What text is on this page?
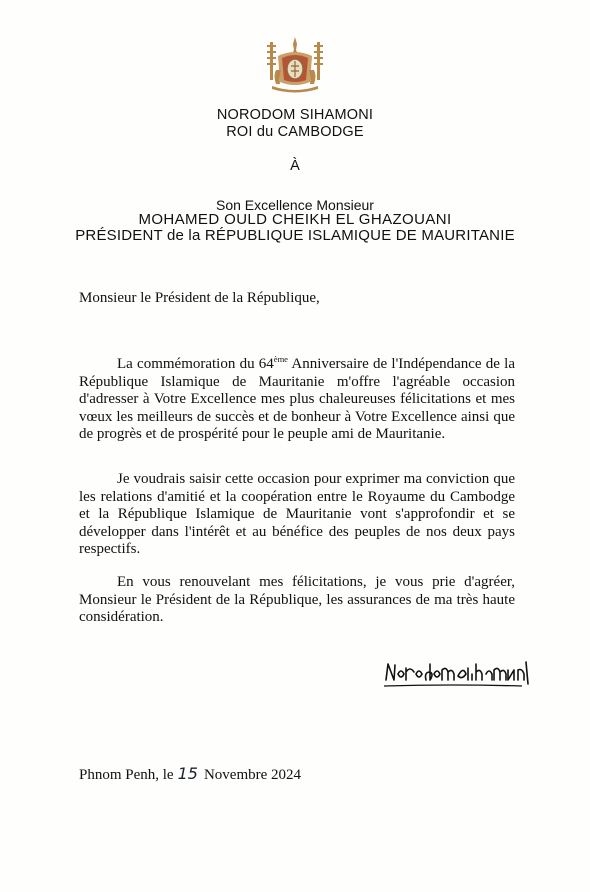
NORODOM SIHAMONI
ROI du CAMBODGE
À
Son Excellence Monsieur
MOHAMED OULD CHEIKH EL GHAZOUANI
PRÉSIDENT de la RÉPUBLIQUE ISLAMIQUE DE MAURITANIE
Monsieur le Président de la République,
La commémoration du 64ème Anniversaire de l'Indépendance de la République Islamique de Mauritanie m'offre l'agréable occasion d'adresser à Votre Excellence mes plus chaleureuses félicitations et mes vœux les meilleurs de succès et de bonheur à Votre Excellence ainsi que de progrès et de prospérité pour le peuple ami de Mauritanie.
Je voudrais saisir cette occasion pour exprimer ma conviction que les relations d'amitié et la coopération entre le Royaume du Cambodge et la République Islamique de Mauritanie vont s'approfondir et se développer dans l'intérêt et au bénéfice des peuples de nos deux pays respectifs.
En vous renouvelant mes félicitations, je vous prie d'agréer, Monsieur le Président de la République, les assurances de ma très haute considération.
Phnom Penh, le 15 Novembre 2024
